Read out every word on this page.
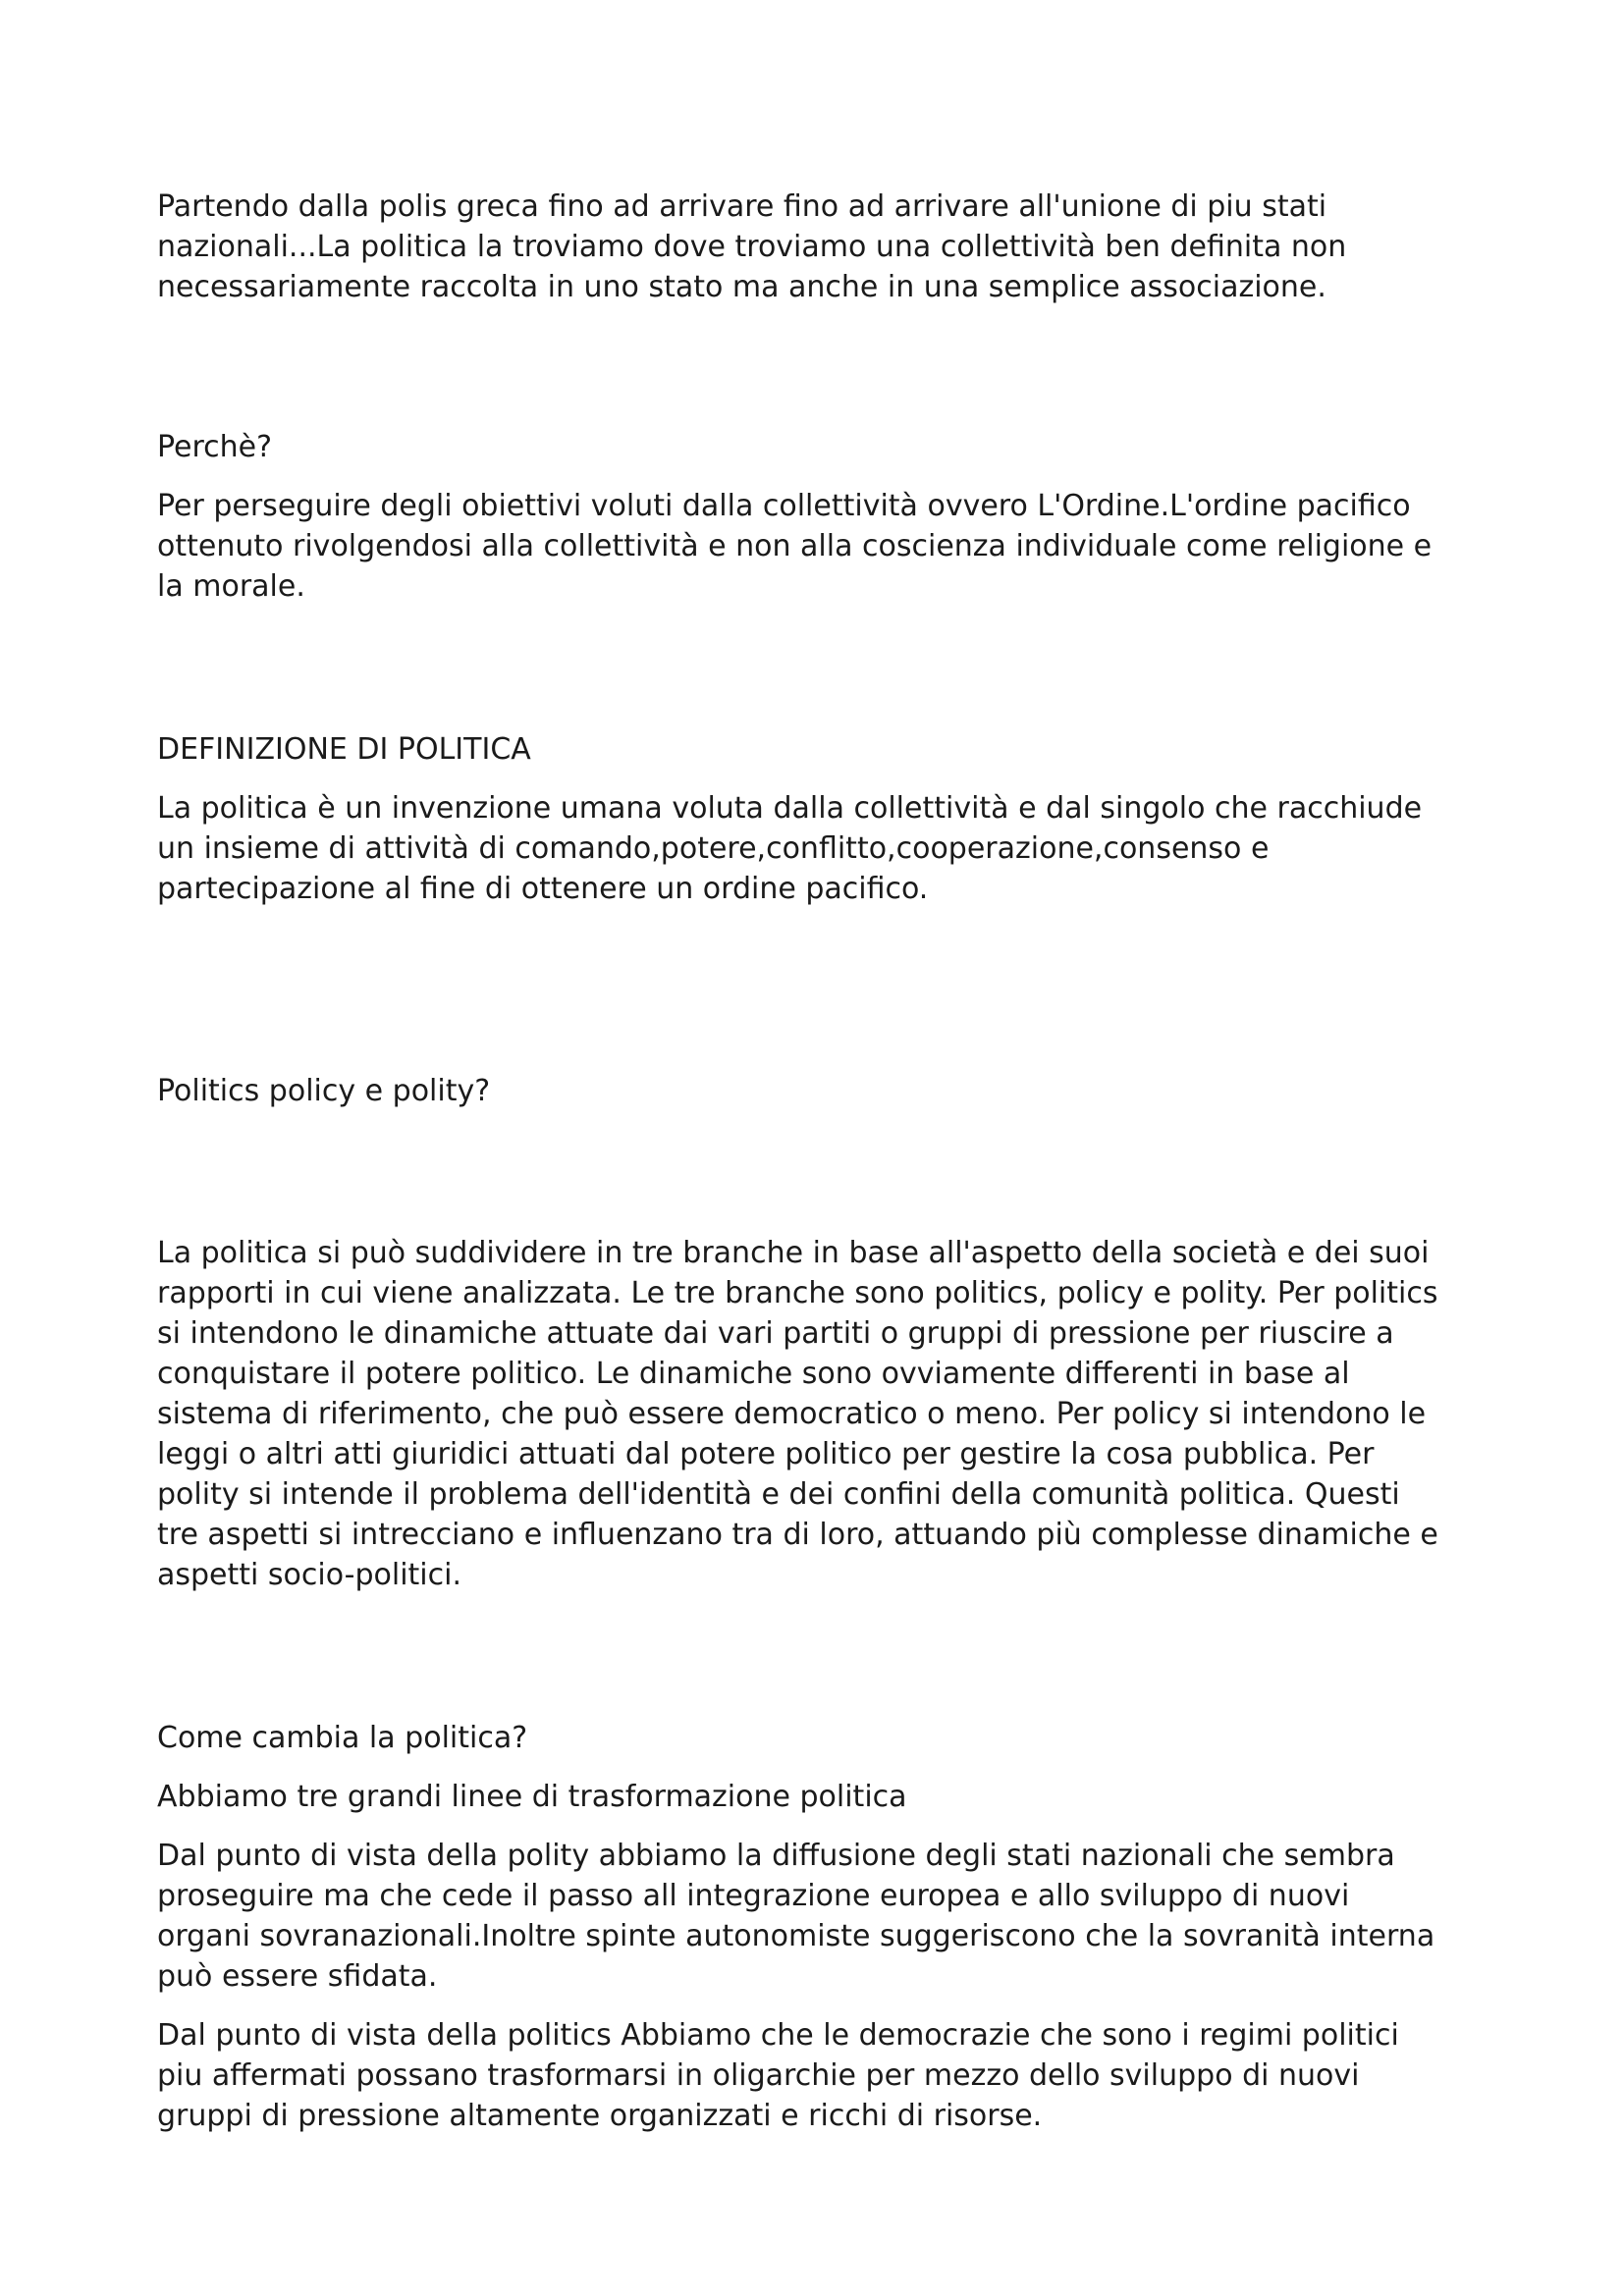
Partendo dalla polis greca fino ad arrivare fino ad arrivare all'unione di piu stati
nazionali...La politica la troviamo dove troviamo una collettività ben definita non
necessariamente raccolta in uno stato ma anche in una semplice associazione.

Perchè?

Per perseguire degli obiettivi voluti dalla collettività ovvero L'Ordine.L'ordine pacifico
ottenuto rivolgendosi alla collettività e non alla coscienza individuale come religione e
la morale.

DEFINIZIONE DI POLITICA

La politica è un invenzione umana voluta dalla collettività e dal singolo che racchiude
un insieme di attività di comando,potere,conflitto,cooperazione,consenso e
partecipazione al fine di ottenere un ordine pacifico.

Politics policy e polity?

La politica si può suddividere in tre branche in base all'aspetto della società e dei suoi
rapporti in cui viene analizzata. Le tre branche sono politics, policy e polity. Per politics
si intendono le dinamiche attuate dai vari partiti o gruppi di pressione per riuscire a
conquistare il potere politico. Le dinamiche sono ovviamente differenti in base al
sistema di riferimento, che può essere democratico o meno. Per policy si intendono le
leggi o altri atti giuridici attuati dal potere politico per gestire la cosa pubblica. Per
polity si intende il problema dell'identità e dei confini della comunità politica. Questi
tre aspetti si intrecciano e influenzano tra di loro, attuando più complesse dinamiche e
aspetti socio-politici.

Come cambia la politica?

Abbiamo tre grandi linee di trasformazione politica

Dal punto di vista della polity abbiamo la diffusione degli stati nazionali che sembra
proseguire ma che cede il passo all integrazione europea e allo sviluppo di nuovi
organi sovranazionali.Inoltre spinte autonomiste suggeriscono che la sovranità interna
può essere sfidata.

Dal punto di vista della politics Abbiamo che le democrazie che sono i regimi politici
piu affermati possano trasformarsi in oligarchie per mezzo dello sviluppo di nuovi
gruppi di pressione altamente organizzati e ricchi di risorse.
